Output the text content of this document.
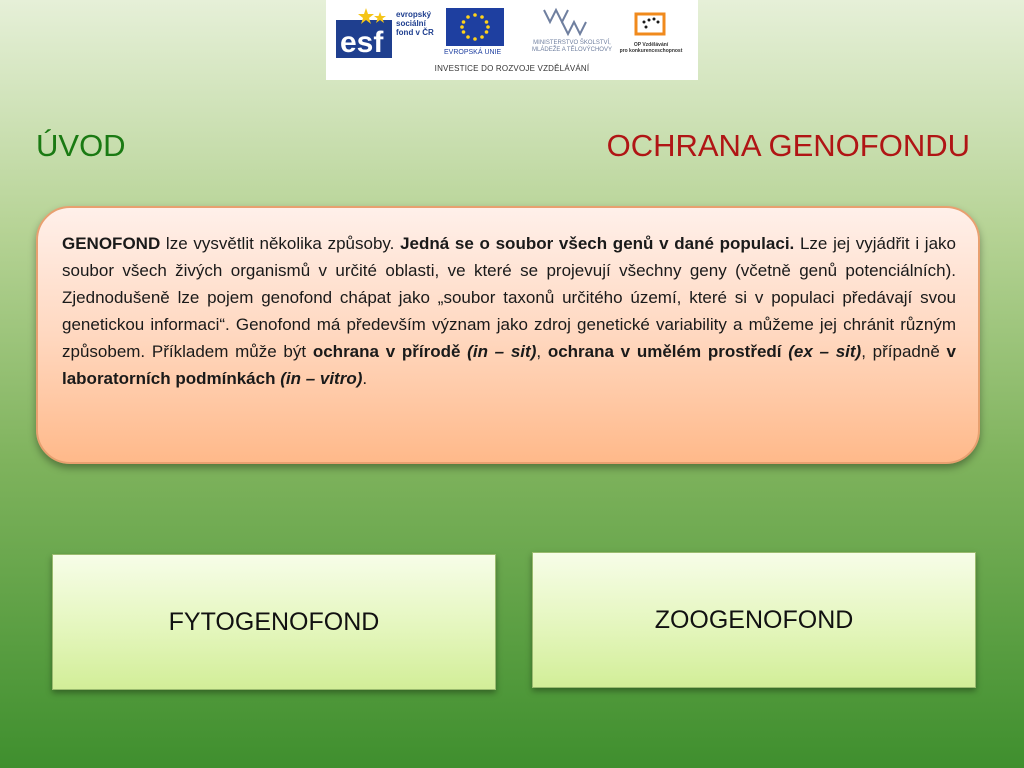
esf
evropský
sociální
fond v ČR
EVROPSKÁ UNIE
MINISTERSTVO ŠKOLSTVÍ,
MLÁDEŽE A TĚLOVÝCHOVY
OP Vzdělávání
pro konkurenceschopnost
INVESTICE DO ROZVOJE VZDĚLÁVÁNÍ
ÚVOD	OCHRANA GENOFONDU

GENOFOND lze vysvětlit několika způsoby. Jedná se o soubor všech genů v dané populaci. Lze jej vyjádřit i jako soubor všech živých organismů v určité oblasti, ve které se projevují všechny geny (včetně genů potenciálních). Zjednodušeně lze pojem genofond chápat jako „soubor taxonů určitého území, které si v populaci předávají svou genetickou informaci“. Genofond má především význam jako zdroj genetické variability a můžeme jej chránit různým způsobem. Příkladem může být ochrana v přírodě (in – sit), ochrana v umělém prostředí (ex – sit), případně v laboratorních podmínkách (in – vitro).

FYTOGENOFOND	ZOOGENOFOND
